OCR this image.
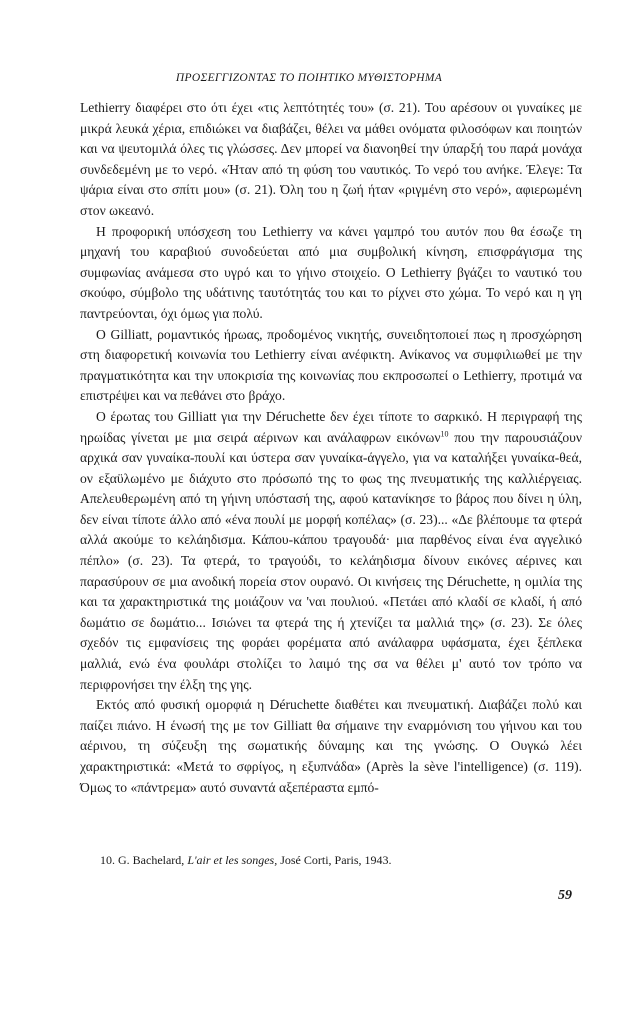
ΠΡΟΣΕΓΓΙΖΟΝΤΑΣ ΤΟ ΠΟΙΗΤΙΚΟ ΜΥΘΙΣΤΟΡΗΜΑ

Lethierry διαφέρει στο ότι έχει «τις λεπτότητές του» (σ. 21). Του αρέσουν οι γυναίκες με μικρά λευκά χέρια, επιδιώκει να διαβάζει, θέλει να μάθει ονόματα φιλοσόφων και ποιητών και να ψευτομιλά όλες τις γλώσσες. Δεν μπορεί να διανοηθεί την ύπαρξή του παρά μονάχα συνδεδεμένη με το νερό. «Ήταν από τη φύση του ναυτικός. Το νερό του ανήκε. Έλεγε: Τα ψάρια είναι στο σπίτι μου» (σ. 21). Όλη του η ζωή ήταν «ριγμένη στο νερό», αφιερωμένη στον ωκεανό.

Η προφορική υπόσχεση του Lethierry να κάνει γαμπρό του αυτόν που θα έσωζε τη μηχανή του καραβιού συνοδεύεται από μια συμβολική κίνηση, επισφράγισμα της συμφωνίας ανάμεσα στο υγρό και το γήινο στοιχείο. Ο Lethierry βγάζει το ναυτικό του σκούφο, σύμβολο της υδάτινης ταυτότητάς του και το ρίχνει στο χώμα. Το νερό και η γη παντρεύονται, όχι όμως για πολύ.

Ο Gilliatt, ρομαντικός ήρωας, προδομένος νικητής, συνειδητοποιεί πως η προσχώρηση στη διαφορετική κοινωνία του Lethierry είναι ανέφικτη. Ανίκανος να συμφιλιωθεί με την πραγματικότητα και την υποκρισία της κοινωνίας που εκπροσωπεί ο Lethierry, προτιμά να επιστρέψει και να πεθάνει στο βράχο.

Ο έρωτας του Gilliatt για την Déruchette δεν έχει τίποτε το σαρκικό. Η περιγραφή της ηρωίδας γίνεται με μια σειρά αέρινων και ανάλαφρων εικόνων$^{10}$ που την παρουσιάζουν αρχικά σαν γυναίκα-πουλί και ύστερα σαν γυναίκα-άγγελο, για να καταλήξει γυναίκα-θεά, ον εξαϋλωμένο με διάχυτο στο πρόσωπό της το φως της πνευματικής της καλλιέργειας. Απελευθερωμένη από τη γήινη υπόστασή της, αφού κατανίκησε το βάρος που δίνει η ύλη, δεν είναι τίποτε άλλο από «ένα πουλί με μορφή κοπέλας» (σ. 23)... «Δε βλέπουμε τα φτερά αλλά ακούμε το κελάηδισμα. Κάπου-κάπου τραγουδά· μια παρθένος είναι ένα αγγελικό πέπλο» (σ. 23). Τα φτερά, το τραγούδι, το κελάηδισμα δίνουν εικόνες αέρινες και παρασύρουν σε μια ανοδική πορεία στον ουρανό. Οι κινήσεις της Déruchette, η ομιλία της και τα χαρακτηριστικά της μοιάζουν να 'ναι πουλιού. «Πετάει από κλαδί σε κλαδί, ή από δωμάτιο σε δωμάτιο... Ισιώνει τα φτερά της ή χτενίζει τα μαλλιά της» (σ. 23). Σε όλες σχεδόν τις εμφανίσεις της φοράει φορέματα από ανάλαφρα υφάσματα, έχει ξέπλεκα μαλλιά, ενώ ένα φουλάρι στολίζει το λαιμό της σα να θέλει μ' αυτό τον τρόπο να περιφρονήσει την έλξη της γης.

Εκτός από φυσική ομορφιά η Déruchette διαθέτει και πνευματική. Διαβάζει πολύ και παίζει πιάνο. Η ένωσή της με τον Gilliatt θα σήμαινε την εναρμόνιση του γήινου και του αέρινου, τη σύζευξη της σωματικής δύναμης και της γνώσης. Ο Ουγκώ λέει χαρακτηριστικά: «Μετά το σφρίγος, η εξυπνάδα» (Après la sève l'intelligence) (σ. 119). Όμως το «πάντρεμα» αυτό συναντά αξεπέραστα εμπό-

10. G. Bachelard, L'air et les songes, José Corti, Paris, 1943.
59
